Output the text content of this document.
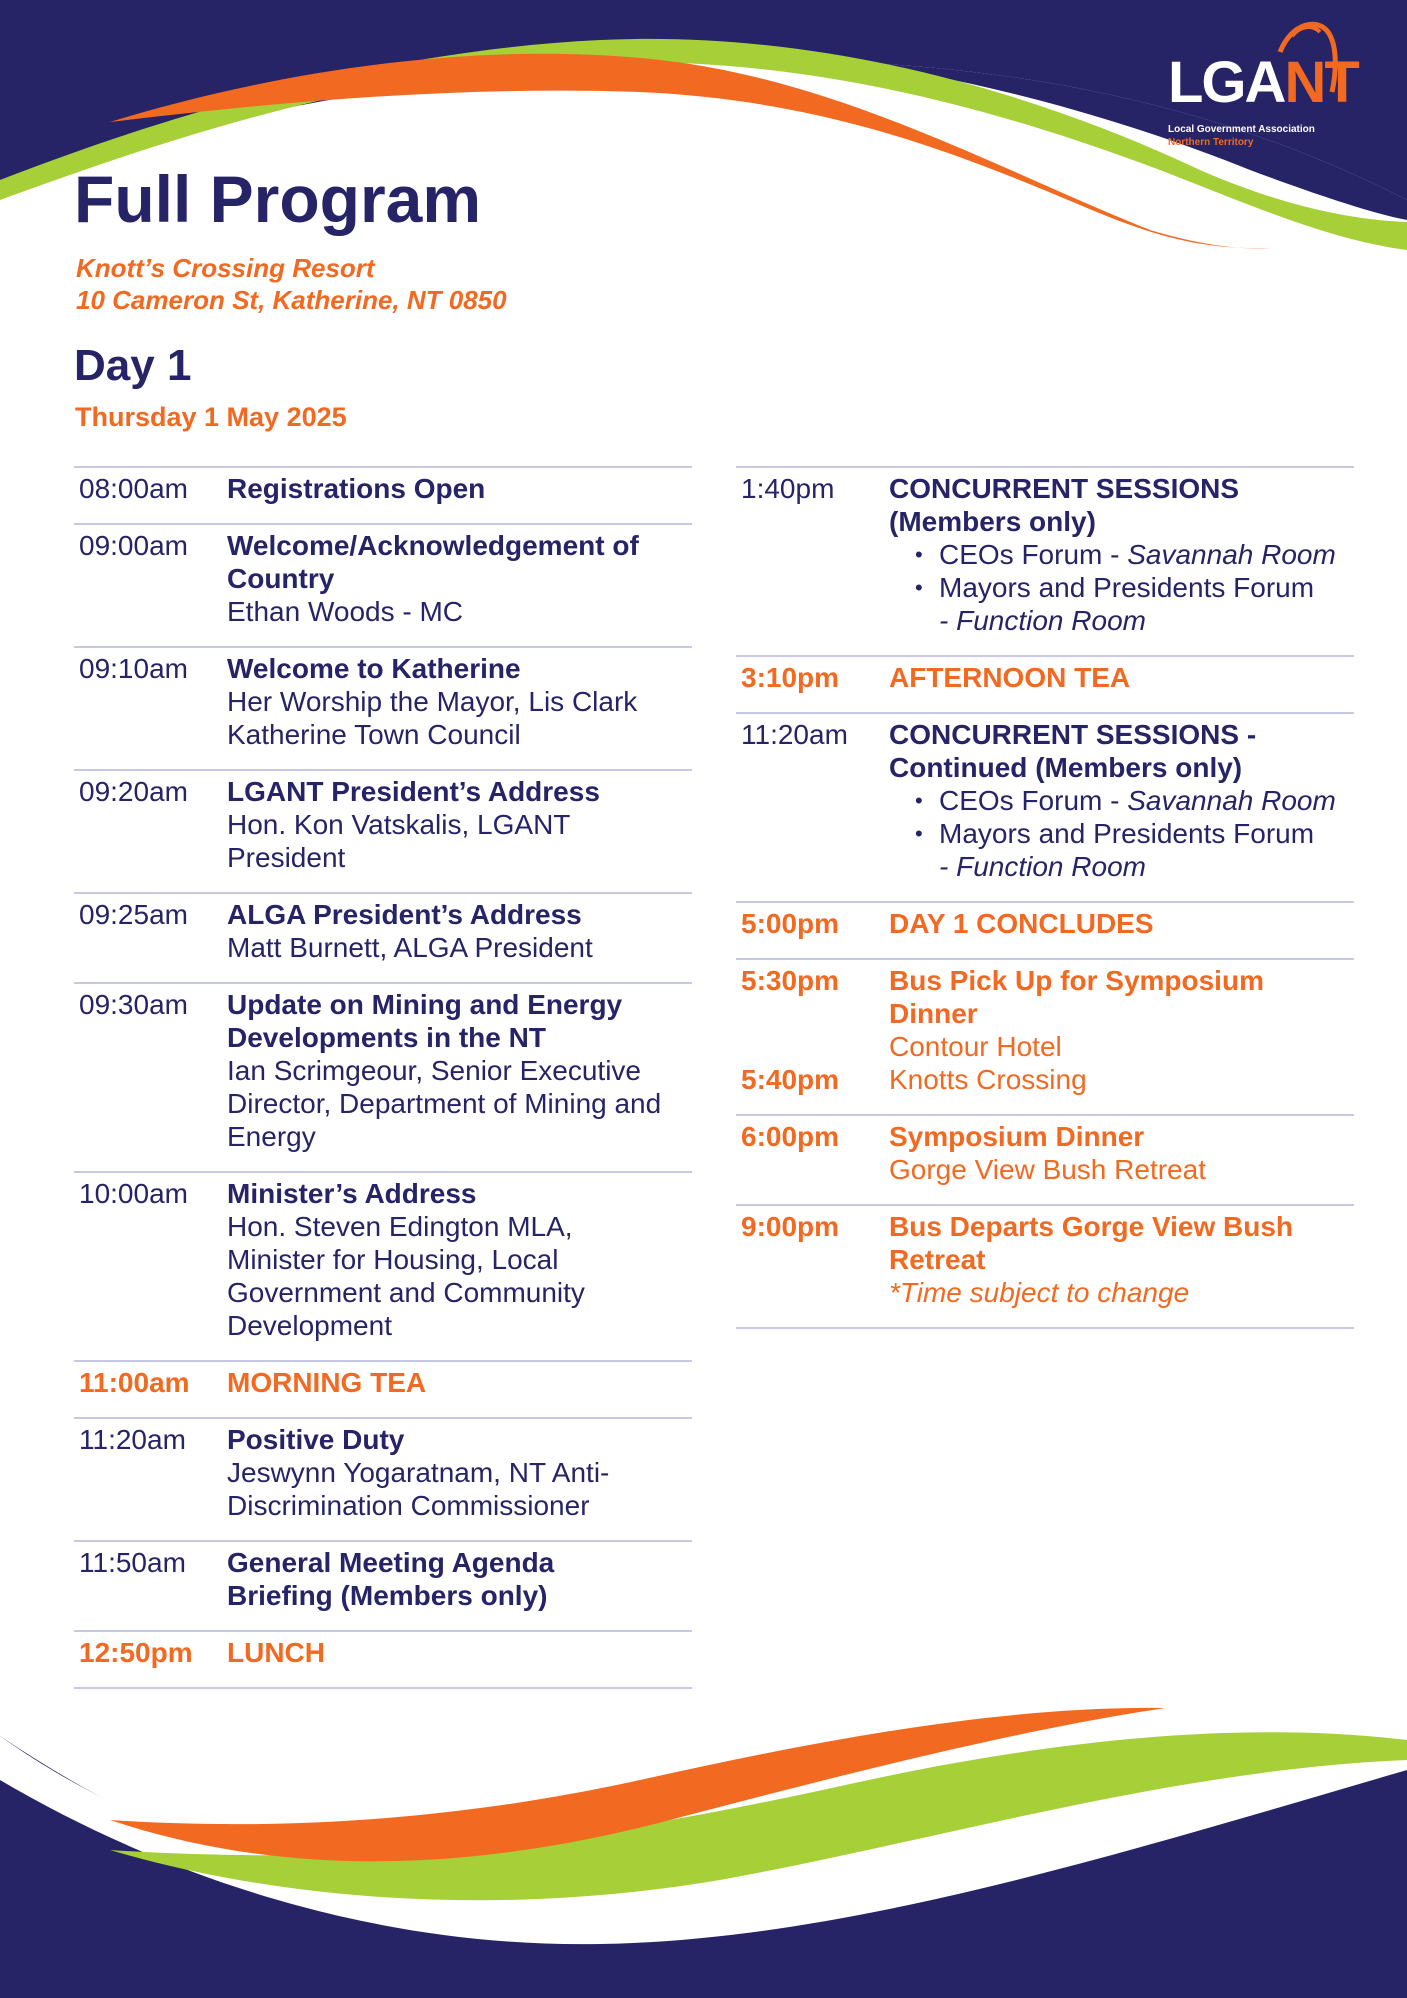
LGANT
Local Government Association
Northern Territory
Full Program
Knott’s Crossing Resort
10 Cameron St, Katherine, NT 0850
Day 1
Thursday 1 May 2025
08:00am	Registrations Open
09:00am	Welcome/Acknowledgement of Country
Ethan Woods - MC
09:10am	Welcome to Katherine
Her Worship the Mayor, Lis Clark Katherine Town Council
09:20am	LGANT President’s Address
Hon. Kon Vatskalis, LGANT President
09:25am	ALGA President’s Address
Matt Burnett, ALGA President
09:30am	Update on Mining and Energy Developments in the NT
Ian Scrimgeour, Senior Executive Director, Department of Mining and Energy
10:00am	Minister’s Address
Hon. Steven Edington MLA, Minister for Housing, Local Government and Community Development
11:00am	MORNING TEA
11:20am	Positive Duty
Jeswynn Yogaratnam, NT Anti-Discrimination Commissioner
11:50am	General Meeting Agenda Briefing (Members only)
12:50pm	LUNCH
1:40pm	CONCURRENT SESSIONS (Members only)
• CEOs Forum - Savannah Room
• Mayors and Presidents Forum
- Function Room
3:10pm	AFTERNOON TEA
11:20am	CONCURRENT SESSIONS - Continued (Members only)
• CEOs Forum - Savannah Room
• Mayors and Presidents Forum
- Function Room
5:00pm	DAY 1 CONCLUDES
5:30pm	Bus Pick Up for Symposium Dinner
Contour Hotel
5:40pm	Knotts Crossing
6:00pm	Symposium Dinner
Gorge View Bush Retreat
9:00pm	Bus Departs Gorge View Bush Retreat
*Time subject to change
